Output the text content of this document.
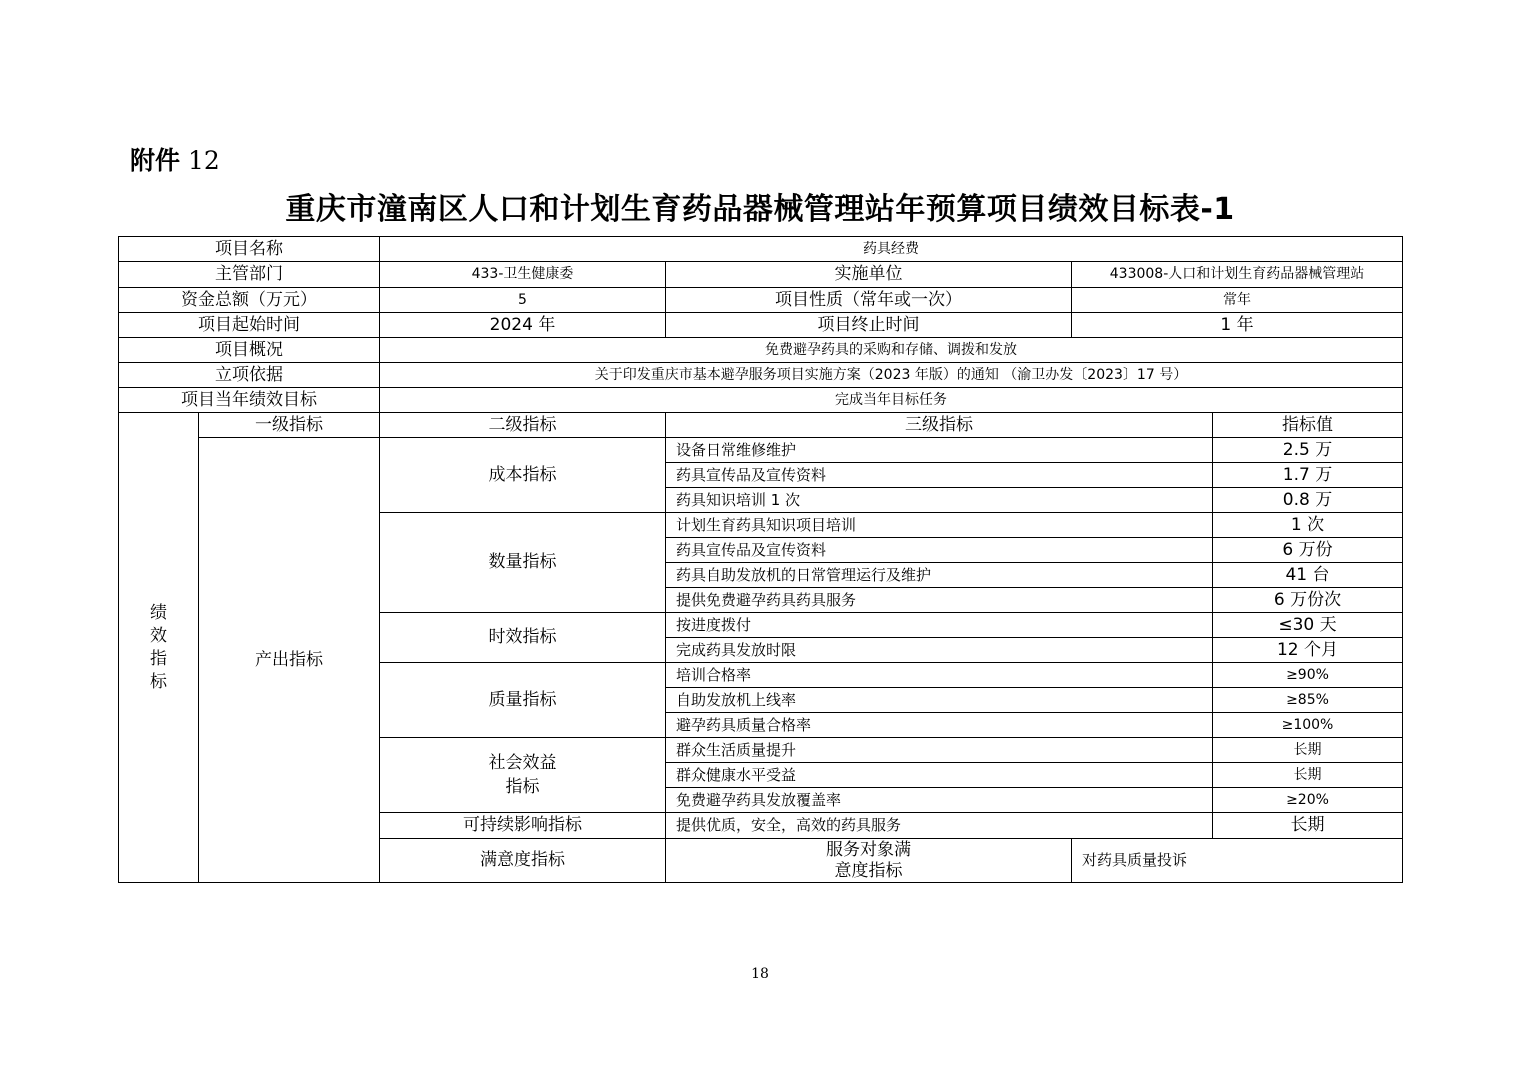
附件 12
重庆市潼南区人口和计划生育药品器械管理站年预算项目绩效目标表-1
项目名称		药具经费				
主管部门		433-卫生健康委	实施单位	433008-人口和计划生育药品器械管理站		
资金总额（万元）		5	项目性质（常年或一次）	常年		
项目起始时间		2024 年	项目终止时间	1 年		
项目概况		免费避孕药具的采购和存储、调拨和发放				
立项依据		关于印发重庆市基本避孕服务项目实施方案（2023 年版）的通知 （渝卫办发〔2023〕17 号）				
项目当年绩效目标		完成当年目标任务				
绩效指标	一级指标	二级指标	三级指标		指标值	
	产出指标	成本指标	设备日常维修维护		2.5 万	
			药具宣传品及宣传资料		1.7 万	
			药具知识培训 1 次		0.8 万	
		数量指标	计划生育药具知识项目培训		1 次	
			药具宣传品及宣传资料		6 万份	
			药具自助发放机的日常管理运行及维护		41 台	
			提供免费避孕药具药具服务		6 万份次	
		时效指标	按进度拨付		≤30 天	
			完成药具发放时限		12 个月	
		质量指标	培训合格率		≥90%	
			自助发放机上线率		≥85%	
			避孕药具质量合格率		≥100%	
		社会效益指标	群众生活质量提升		长期	
			群众健康水平受益		长期	
			免费避孕药具发放覆盖率		≥20%	
		可持续影响指标	提供优质，安全，高效的药具服务		长期	
		满意度指标	服务对象满意度指标	对药具质量投诉	
18
